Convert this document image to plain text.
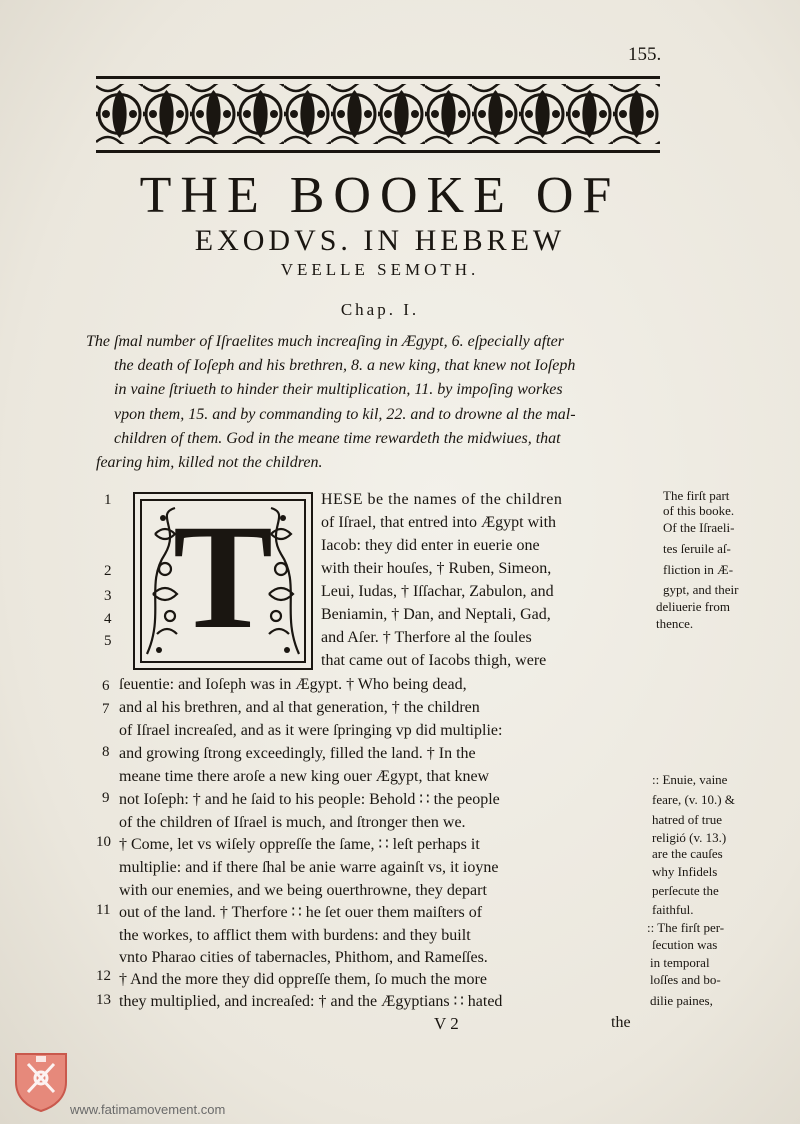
155.
THE BOOKE OF
EXODVS. IN HEBREW
VEELLE SEMOTH.
Chap. I.
The ſmal number of Iſraelites much increaſing in Ægypt, 6. eſpecially after
the death of Ioſeph and his brethren, 8. a new king, that knew not Ioſeph
in vaine ſtriueth to hinder their multiplication, 11. by impoſing workes
vpon them, 15. and by commanding to kil, 22. and to drowne al the mal-
children of them. God in the meane time rewardeth the midwiues, that
fearing him, killed not the children.
T
1
2
3
4
5
6
7
8
9
10
11
12
13
HESE be the names of the children
of Iſrael, that entred into Ægypt with
Iacob: they did enter in euerie one
with their houſes, † Ruben, Simeon,
Leui, Iudas, † Iſſachar, Zabulon, and
Beniamin, † Dan, and Neptali, Gad,
and Aſer. † Therfore al the ſoules
that came out of Iacobs thigh, were
ſeuentie: and Ioſeph was in Ægypt. † Who being dead,
and al his brethren, and al that generation, † the children
of Iſrael increaſed, and as it were ſpringing vp did multiplie:
and growing ſtrong exceedingly, filled the land. † In the
meane time there aroſe a new king ouer Ægypt, that knew
not Ioſeph: † and he ſaid to his people: Behold ∷ the people
of the children of Iſrael is much, and ſtronger then we.
† Come, let vs wiſely oppreſſe the ſame, ∷ leſt perhaps it
multiplie: and if there ſhal be anie warre againſt vs, it ioyne
with our enemies, and we being ouerthrowne, they depart
out of the land. † Therfore ∷ he ſet ouer them maiſters of
the workes, to afflict them with burdens: and they built
vnto Pharao cities of tabernacles, Phithom, and Rameſſes.
† And the more they did oppreſſe them, ſo much the more
they multiplied, and increaſed: † and the Ægyptians ∷ hated
The firſt part
of this booke.
Of the Iſraeli-
tes ſeruile aſ-
fliction in Æ-
gypt, and their
deliuerie from
thence.
:: Enuie, vaine
feare, (v. 10.) &
hatred of true
religió (v. 13.)
are the cauſes
why Infidels
perſecute the
faithful.
:: The firſt per-
ſecution was
in temporal
loſſes and bo-
dilie paines,
V 2	the
www.fatimamovement.com
